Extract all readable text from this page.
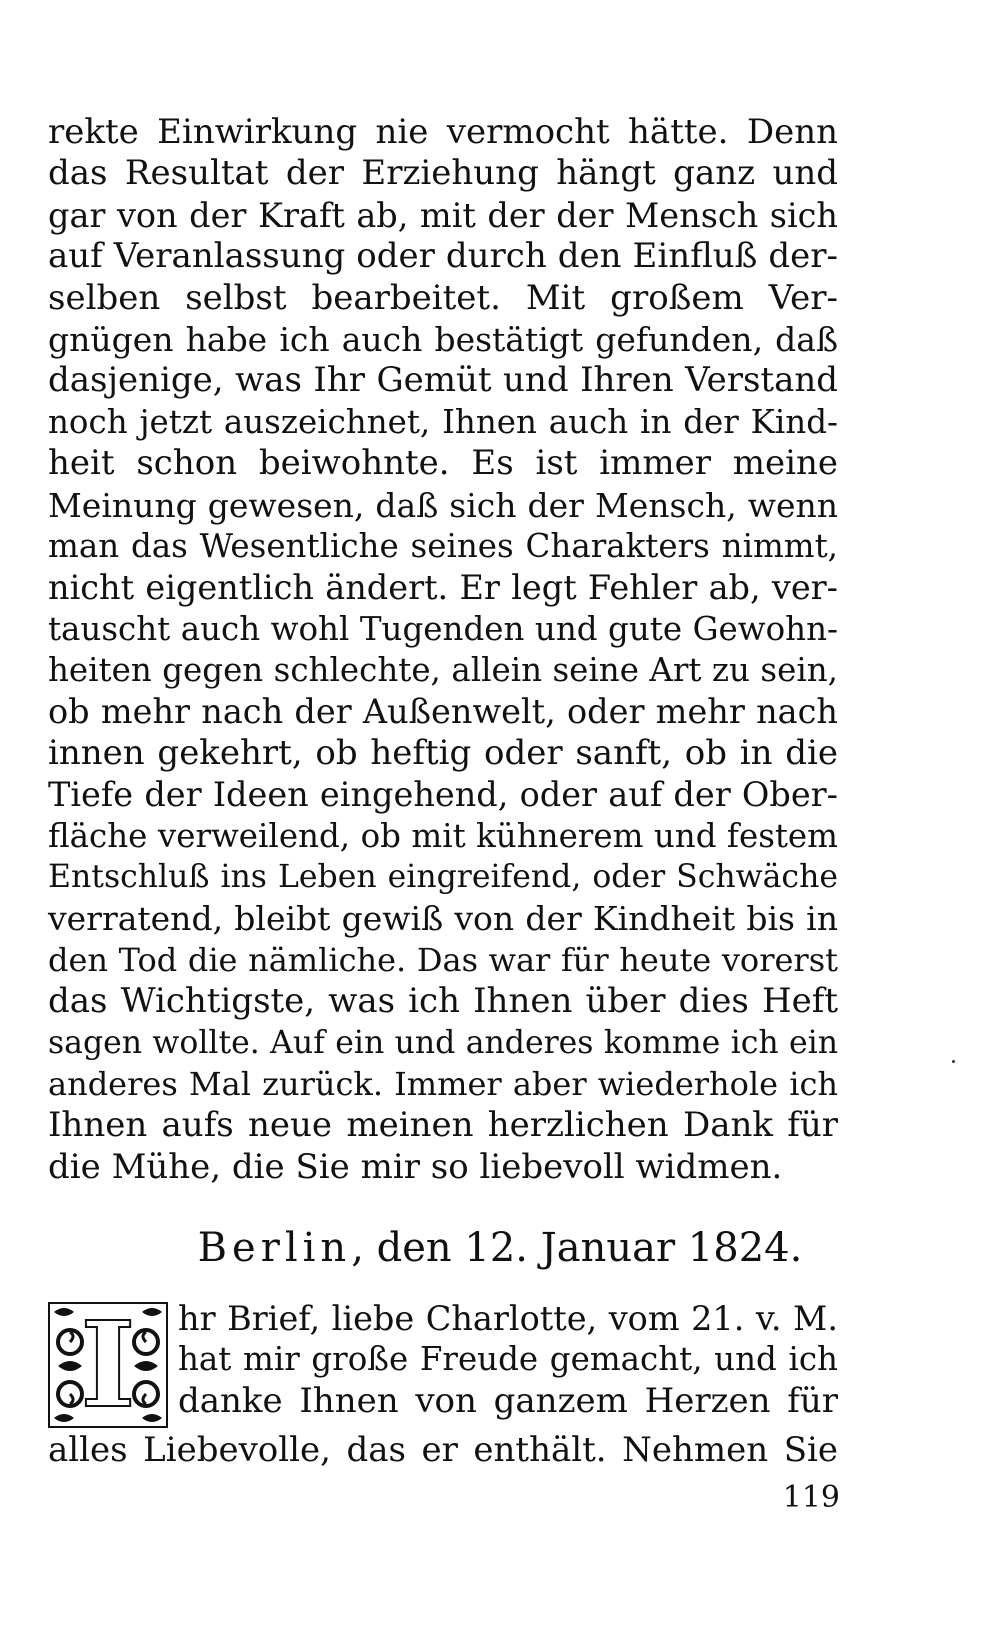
rekte Einwirkung nie vermocht hätte. Denn
das Resultat der Erziehung hängt ganz und
gar von der Kraft ab, mit der der Mensch sich
auf Veranlassung oder durch den Einfluß der-
selben selbst bearbeitet. Mit großem Ver-
gnügen habe ich auch bestätigt gefunden, daß
dasjenige, was Ihr Gemüt und Ihren Verstand
noch jetzt auszeichnet, Ihnen auch in der Kind-
heit schon beiwohnte. Es ist immer meine
Meinung gewesen, daß sich der Mensch, wenn
man das Wesentliche seines Charakters nimmt,
nicht eigentlich ändert. Er legt Fehler ab, ver-
tauscht auch wohl Tugenden und gute Gewohn-
heiten gegen schlechte, allein seine Art zu sein,
ob mehr nach der Außenwelt, oder mehr nach
innen gekehrt, ob heftig oder sanft, ob in die
Tiefe der Ideen eingehend, oder auf der Ober-
fläche verweilend, ob mit kühnerem und festem
Entschluß ins Leben eingreifend, oder Schwäche
verratend, bleibt gewiß von der Kindheit bis in
den Tod die nämliche. Das war für heute vorerst
das Wichtigste, was ich Ihnen über dies Heft
sagen wollte. Auf ein und anderes komme ich ein
anderes Mal zurück. Immer aber wiederhole ich
Ihnen aufs neue meinen herzlichen Dank für
die Mühe, die Sie mir so liebevoll widmen.
Berlin, den 12. Januar 1824.
I	hr Brief, liebe Charlotte, vom 21. v. M.
hat mir große Freude gemacht, und ich
danke Ihnen von ganzem Herzen für
alles Liebevolle, das er enthält. Nehmen Sie
119
